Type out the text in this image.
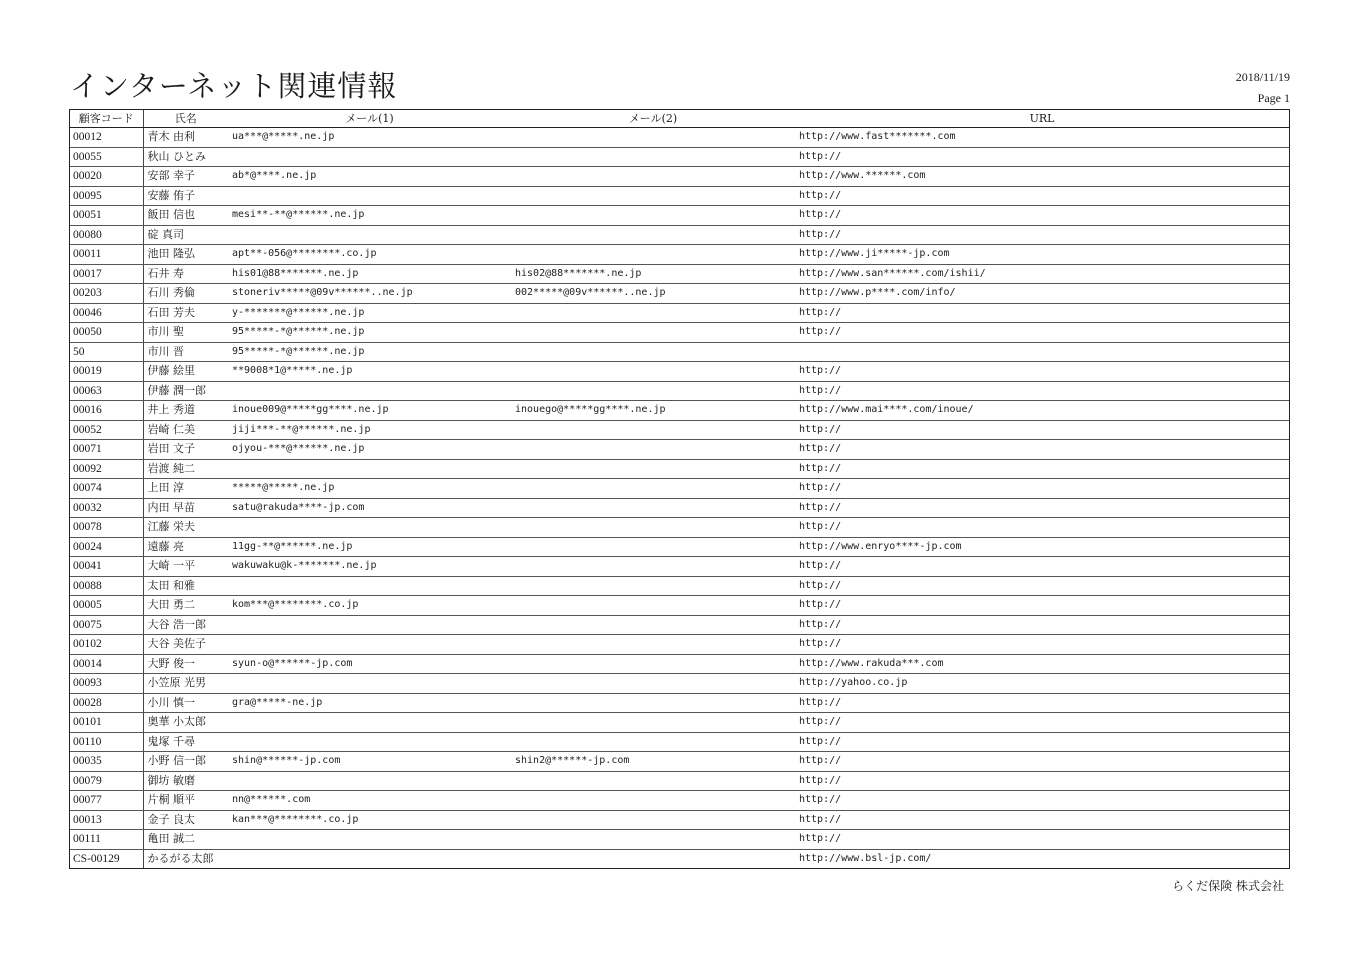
インターネット関連情報	2018/11/19
Page 1
顧客コード	氏名	メール(1)	メール(2)	URL
00012	青木 由利	ua***@*****.ne.jp		http://www.fast*******.com
00055	秋山 ひとみ			http://
00020	安部 幸子	ab*@****.ne.jp		http://www.******.com
00095	安藤 侑子			http://
00051	飯田 信也	mesi**-**@******.ne.jp		http://
00080	碇 真司			http://
00011	池田 隆弘	apt**-056@********.co.jp		http://www.ji*****-jp.com
00017	石井 寿	his01@88*******.ne.jp	his02@88*******.ne.jp	http://www.san******.com/ishii/
00203	石川 秀倫	stoneriv*****@09v******..ne.jp	002*****@09v******..ne.jp	http://www.p****.com/info/
00046	石田 芳夫	y-*******@******.ne.jp		http://
00050	市川 聖	95*****-*@******.ne.jp		http://
50	市川 晋	95*****-*@******.ne.jp		
00019	伊藤 絵里	**9008*1@*****.ne.jp		http://
00063	伊藤 潤一郎			http://
00016	井上 秀道	inoue009@*****gg****.ne.jp	inouego@*****gg****.ne.jp	http://www.mai****.com/inoue/
00052	岩崎 仁美	jiji***-**@******.ne.jp		http://
00071	岩田 文子	ojyou-***@******.ne.jp		http://
00092	岩渡 純二			http://
00074	上田 淳	*****@*****.ne.jp		http://
00032	内田 早苗	satu@rakuda****-jp.com		http://
00078	江藤 栄夫			http://
00024	遠藤 亮	11gg-**@******.ne.jp		http://www.enryo****-jp.com
00041	大崎 一平	wakuwaku@k-*******.ne.jp		http://
00088	太田 和雅			http://
00005	大田 勇二	kom***@********.co.jp		http://
00075	大谷 浩一郎			http://
00102	大谷 美佐子			http://
00014	大野 俊一	syun-o@******-jp.com		http://www.rakuda***.com
00093	小笠原 光男			http://yahoo.co.jp
00028	小川 慎一	gra@*****-ne.jp		http://
00101	奥華 小太郎			http://
00110	鬼塚 千尋			http://
00035	小野 信一郎	shin@******-jp.com	shin2@******-jp.com	http://
00079	御坊 敏磨			http://
00077	片桐 順平	nn@******.com		http://
00013	金子 良太	kan***@********.co.jp		http://
00111	亀田 誠二			http://
CS-00129	かるがる太郎			http://www.bsl-jp.com/
らくだ保険 株式会社
